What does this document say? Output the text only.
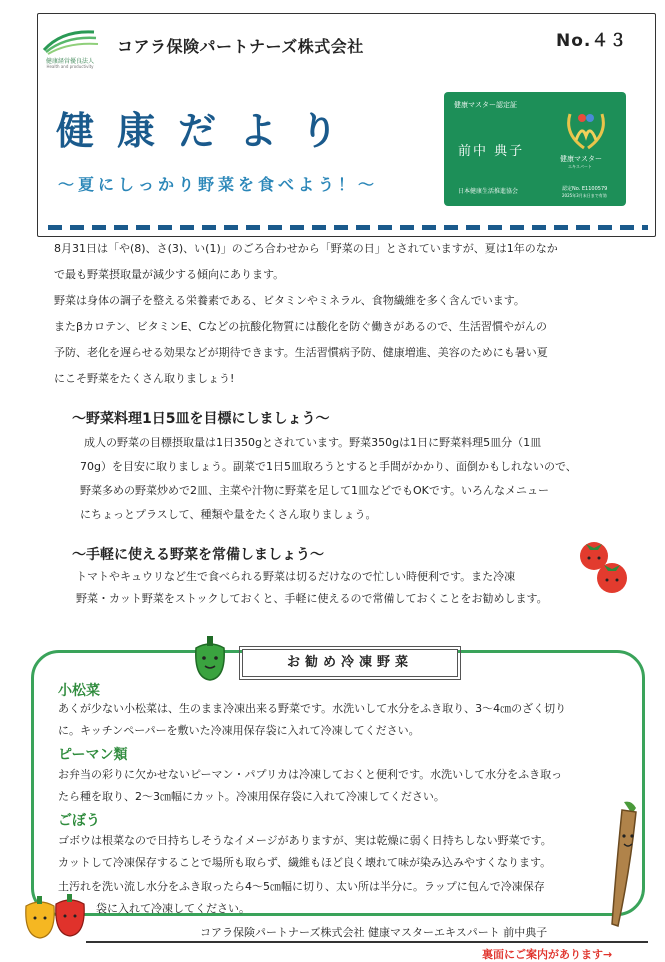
健康経営優良法人
Health and productivity
コアラ保険パートナーズ株式会社	No.４３
健康だより
〜夏にしっかり野菜を食べよう！〜
健康マスター認定証
前中 典子	健康マスター
エキスパート
日本健康生活推進協会	認定No. E1100579
2025年3月末日まで有効
8月31日は「や(8)、さ(3)、い(1)」のごろ合わせから「野菜の日」とされていますが、夏は1年のなか
で最も野菜摂取量が減少する傾向にあります。
野菜は身体の調子を整える栄養素である、ビタミンやミネラル、食物繊維を多く含んでいます。
またβカロテン、ビタミンE、Cなどの抗酸化物質には酸化を防ぐ働きがあるので、生活習慣やがんの
予防、老化を遅らせる効果などが期待できます。生活習慣病予防、健康増進、美容のためにも暑い夏
にこそ野菜をたくさん取りましょう!
〜野菜料理1日5皿を目標にしましょう〜
成人の野菜の目標摂取量は1日350gとされています。野菜350gは1日に野菜料理5皿分（1皿
70g）を目安に取りましょう。副菜で1日5皿取ろうとすると手間がかかり、面倒かもしれないので、
野菜多めの野菜炒めで2皿、主菜や汁物に野菜を足して1皿などでもOKです。いろんなメニュー
にちょっとプラスして、種類や量をたくさん取りましょう。
〜手軽に使える野菜を常備しましょう〜
トマトやキュウリなど生で食べられる野菜は切るだけなので忙しい時便利です。また冷凍
野菜・カット野菜をストックしておくと、手軽に使えるので常備しておくことをお勧めします。
お勧め冷凍野菜
小松菜
あくが少ない小松菜は、生のまま冷凍出来る野菜です。水洗いして水分をふき取り、3〜4㎝のざく切り
に。キッチンペーパーを敷いた冷凍用保存袋に入れて冷凍してください。
ピーマン類
お弁当の彩りに欠かせないピーマン・パプリカは冷凍しておくと便利です。水洗いして水分をふき取っ
たら種を取り、2〜3㎝幅にカット。冷凍用保存袋に入れて冷凍してください。
ごぼう
ゴボウは根菜なので日持ちしそうなイメージがありますが、実は乾燥に弱く日持ちしない野菜です。
カットして冷凍保存することで場所も取らず、繊維もほど良く壊れて味が染み込みやすくなります。
土汚れを洗い流し水分をふき取ったら4〜5㎝幅に切り、太い所は半分に。ラップに包んで冷凍保存
袋に入れて冷凍してください。
コアラ保険パートナーズ株式会社 健康マスターエキスパート 前中典子
裏面にご案内があります→
